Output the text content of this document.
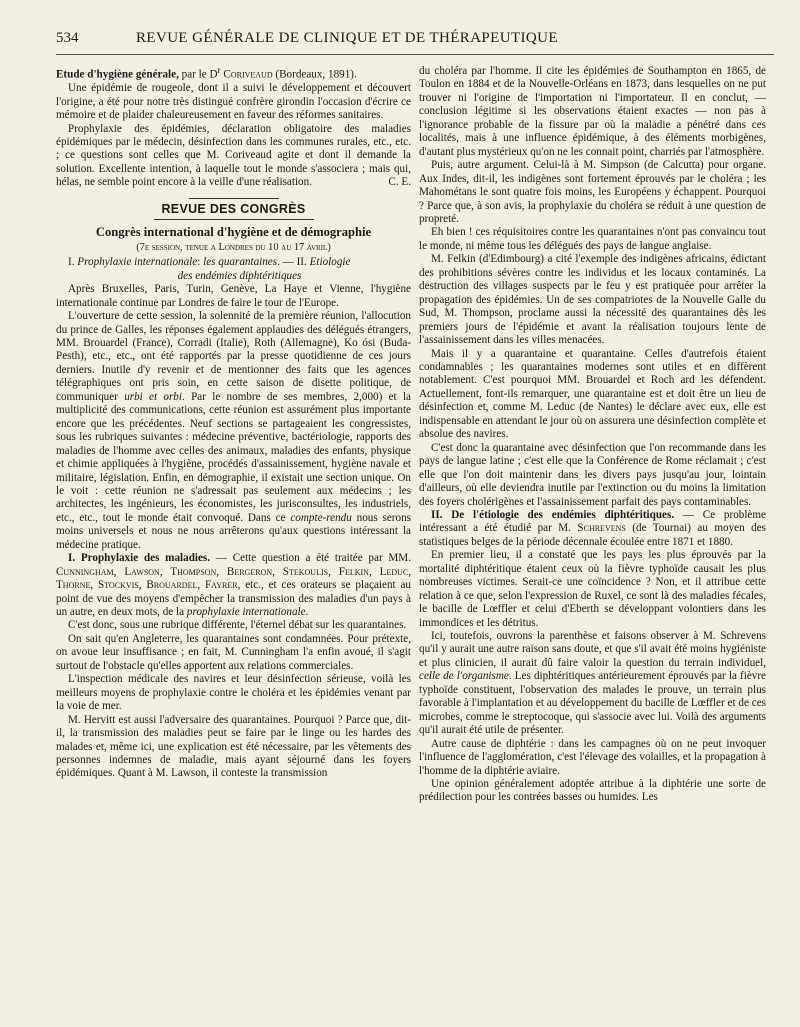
534	REVUE GÉNÉRALE DE CLINIQUE ET DE THÉRAPEUTIQUE

Etude d'hygiène générale, par le $D^r$ Coriveaud (Bordeaux, 1891).

Une épidémie de rougeole, dont il a suivi le développement et découvert l'origine, a été pour notre très distingué confrère girondin l'occasion d'écrire ce mémoire et de plaider chaleureusement en faveur des réformes sanitaires.

Prophylaxie des épidémies, déclaration obligatoire des maladies épidémiques par le médecin, désinfection dans les communes rurales, etc., etc. ; ce questions sont celles que M. Coriveaud agite et dont il demande la solution. Excellente intention, à laquelle tout le monde s'associera ; mais qui, hélas, ne semble point encore à la veille d'une réalisation.	C. E.

REVUE DES CONGRÈS
Congrès international d'hygiène et de démographie
(7e session, tenue a Londres du 10 au 17 avril)

I. Prophylaxie internationale: les quarantaines. — II. Etiologie

des endémies diphtéritiques

Après Bruxelles, Paris, Turin, Genève, La Haye et Vienne, l'hygiène internationale continue par Londres de faire le tour de l'Europe.

L'ouverture de cette session, la solennité de la première réunion, l'allocution du prince de Galles, les réponses également applaudies des délégués étrangers, MM. Brouardel (France), Corradi (Italie), Roth (Allemagne), Ko ósi (Buda-Pesth), etc., etc., ont été rapportés par la presse quotidienne de ces jours derniers. Inutile d'y revenir et de mentionner des faits que les agences télégraphiques ont pris soin, en cette saison de disette politique, de communiquer urbi et orbi. Par le nombre de ses membres, 2,000) et la multiplicité des communications, cette réunion est assurément plus importante encore que les précédentes. Neuf sections se partageaient les congressistes, sous les rubriques suivantes : médecine préventive, bactériologie, rapports des maladies de l'homme avec celles des animaux, maladies des enfants, physique et chimie appliquées à l'hygiène, procédés d'assainissement, hygiène navale et militaire, législation. Enfin, en démographie, il existait une section unique. On le voit : cette réunion ne s'adressait pas seulement aux médecins ; les architectes, les ingénieurs, les économistes, les jurisconsultes, les industriels, etc., etc., tout le monde était convoqué. Dans ce compte-rendu nous serons moins universels et nous ne nous arrêterons qu'aux questions intéressant la médecine pratique.

I. Prophylaxie des maladies. — Cette question a été traitée par MM. Cunningham, Lawson, Thompson, Bergeron, Stekoulis, Felkin, Leduc, Thorne, Stockvis, Brouardel, Fayrer, etc., et ces orateurs se plaçaient au point de vue des moyens d'empêcher la transmission des maladies d'un pays à un autre, en deux mots, de la prophylaxie internationale.

C'est donc, sous une rubrique différente, l'éternel débat sur les quarantaines.

On sait qu'en Angleterre, les quarantaines sont condamnées. Pour prétexte, on avoue leur insuffisance ; en fait, M. Cunningham l'a enfin avoué, il s'agit surtout de l'obstacle qu'elles apportent aux relations commerciales.

L'inspection médicale des navires et leur désinfection sérieuse, voilà les meilleurs moyens de prophylaxie contre le choléra et les épidémies venant par la voie de mer.

M. Hervitt est aussi l'adversaire des quarantaines. Pourquoi ? Parce que, dit-il, la transmission des maladies peut se faire par le linge ou les hardes des malades et, même ici, une explication est été nécessaire, par les vêtements des personnes indemnes de maladie, mais ayant séjourné dans les foyers épidémiques. Quant à M. Lawson, il conteste la transmission

du choléra par l'homme. Il cite les épidémies de Southampton en 1865, de Toulon en 1884 et de la Nouvelle-Orléans en 1873, dans lesquelles on ne put trouver ni l'origine de l'importation ni l'importateur. Il en conclut, — conclusion légitime si les observations étaient exactes — non pas à l'ignorance probable de la fissure par où la maladie a pénétré dans ces localités, mais à une influence épidémique, à des éléments morbigènes, d'autant plus mystérieux qu'on ne les connait point, charriés par l'atmosphère.

Puis, autre argument. Celui-là à M. Simpson (de Calcutta) pour organe. Aux Indes, dit-il, les indigènes sont fortement éprouvés par le choléra ; les Mahométans le sont quatre fois moins, les Européens y échappent. Pourquoi ? Parce que, à son avis, la prophylaxie du choléra se réduit à une question de propreté.

Eh bien ! ces réquisitoires contre les quarantaines n'ont pas convaincu tout le monde, ni même tous les délégués des pays de langue anglaise.

M. Felkin (d'Edimbourg) a cité l'exemple des indigènes africains, édictant des prohibitions sévères contre les individus et les locaux contaminés. La destruction des villages suspects par le feu y est pratiquée pour arrêter la propagation des épidémies. Un de ses compatriotes de la Nouvelle Galle du Sud, M. Thompson, proclame aussi la nécessité des quarantaines dès les premiers jours de l'épidémie et avant la réalisation toujours lente de l'assainissement dans les villes menacées.

Mais il y a quarantaine et quarantaine. Celles d'autrefois étaient condamnables ; les quarantaines modernes sont utiles et en diffèrent notablement. C'est pourquoi MM. Brouardel et Roch ard les défendent. Actuellement, font-ils remarquer, une quarantaine est et doit être un lieu de désinfection et, comme M. Leduc (de Nantes) le déclare avec eux, elle est indispensable en attendant le jour où on assurera une désinfection complète et absolue des navires.

C'est donc la quarantaine avec désinfection que l'on recommande dans les pays de langue latine ; c'est elle que la Conférence de Rome réclamait ; c'est elle que l'on doit maintenir dans les divers pays jusqu'au jour, lointain d'ailleurs, où elle deviendra inutile par l'extinction ou du moins la limitation des foyers cholérigènes et l'assainissement parfait des pays contaminables.

II. De l'étiologie des endémies diphtéritiques. — Ce problème intéressant a été étudié par M. Schrevens (de Tournai) au moyen des statistiques belges de la période décennale écoulée entre 1871 et 1880.

En premier lieu, il a constaté que les pays les plus éprouvés par la mortalité diphtéritique étaient ceux où la fièvre typhoïde causait les plus nombreuses victimes. Serait-ce une coïncidence ? Non, et il attribue cette relation à ce que, selon l'expression de Ruxel, ce sont là des maladies fécales, le bacille de Lœffler et celui d'Eberth se développant volontiers dans les immondices et les détritus.

Ici, toutefois, ouvrons la parenthèse et faisons observer à M. Schrevens qu'il y aurait une autre raison sans doute, et que s'il avait été moins hygiéniste et plus clinicien, il aurait dû faire valoir la question du terrain individuel, celle de l'organisme. Les diphtéritiques antérieurement éprouvés par la fièvre typhoïde constituent, l'observation des malades le prouve, un terrain plus favorable à l'implantation et au développement du bacille de Lœffler et de ces microbes, comme le streptocoque, qui s'associe avec lui. Voilà des arguments qu'il aurait été utile de présenter.

Autre cause de diphtérie : dans les campagnes où on ne peut invoquer l'influence de l'agglomération, c'est l'élevage des volailles, et la propagation à l'homme de la diphtérie aviaire.

Une opinion généralement adoptée attribue à la diphtérie une sorte de prédilection pour les contrées basses ou humides. Les
